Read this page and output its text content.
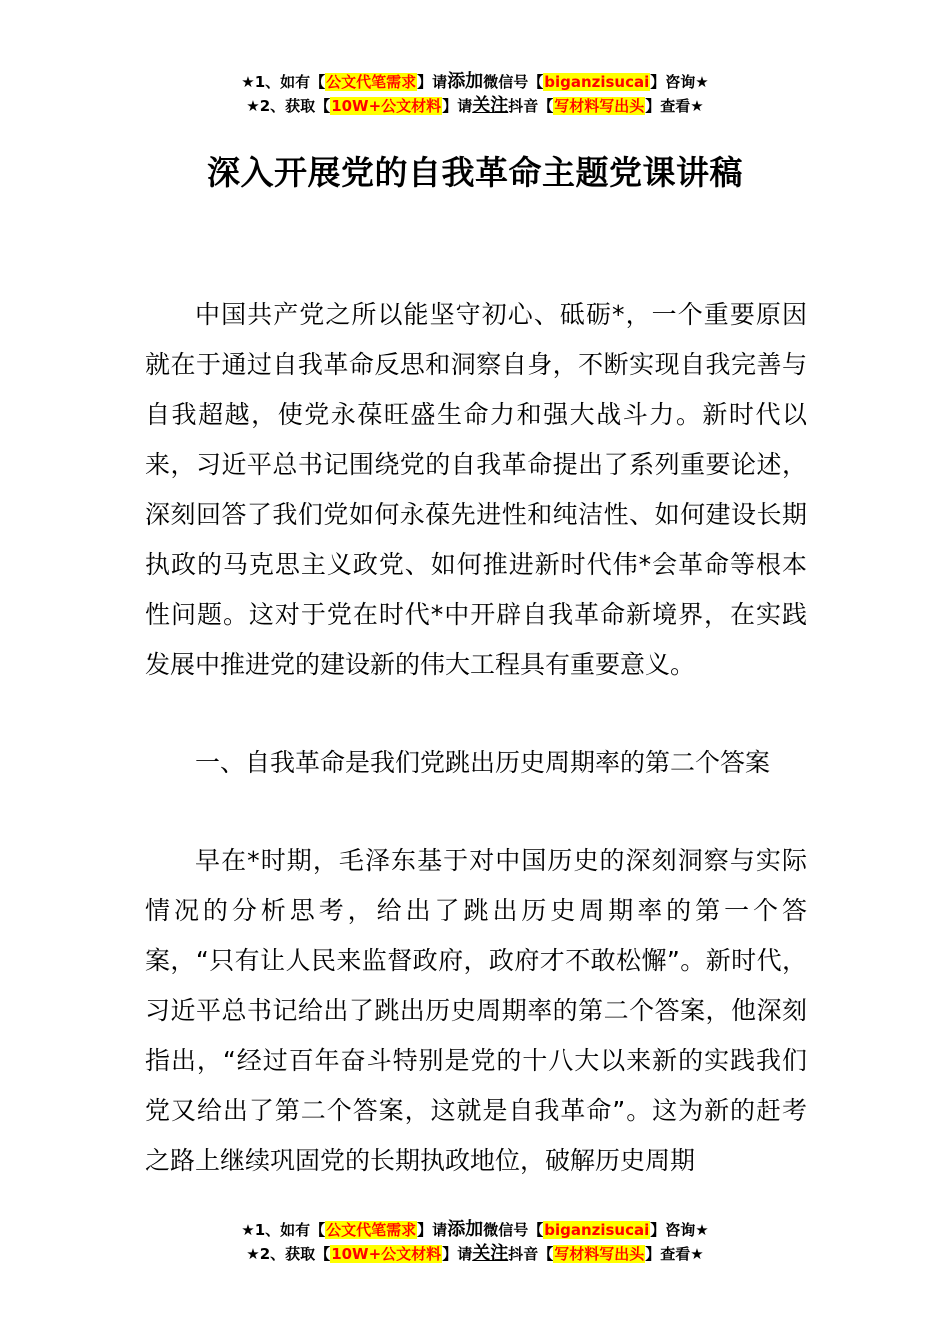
★1、如有【公文代笔需求】请添加微信号【biganzisucai】咨询★
★2、获取【10W+公文材料】请关注抖音【写材料写出头】查看★
深入开展党的自我革命主题党课讲稿

中国共产党之所以能坚守初心、砥砺*，一个重要原因就在于通过自我革命反思和洞察自身，不断实现自我完善与自我超越，使党永葆旺盛生命力和强大战斗力。新时代以来，习近平总书记围绕党的自我革命提出了系列重要论述，深刻回答了我们党如何永葆先进性和纯洁性、如何建设长期执政的马克思主义政党、如何推进新时代伟*会革命等根本性问题。这对于党在时代*中开辟自我革命新境界，在实践发展中推进党的建设新的伟大工程具有重要意义。

一、自我革命是我们党跳出历史周期率的第二个答案

早在*时期，毛泽东基于对中国历史的深刻洞察与实际情况的分析思考，给出了跳出历史周期率的第一个答案，“只有让人民来监督政府，政府才不敢松懈”。新时代，习近平总书记给出了跳出历史周期率的第二个答案，他深刻指出，“经过百年奋斗特别是党的十八大以来新的实践我们党又给出了第二个答案，这就是自我革命”。这为新的赶考之路上继续巩固党的长期执政地位，破解历史周期

★1、如有【公文代笔需求】请添加微信号【biganzisucai】咨询★
★2、获取【10W+公文材料】请关注抖音【写材料写出头】查看★
